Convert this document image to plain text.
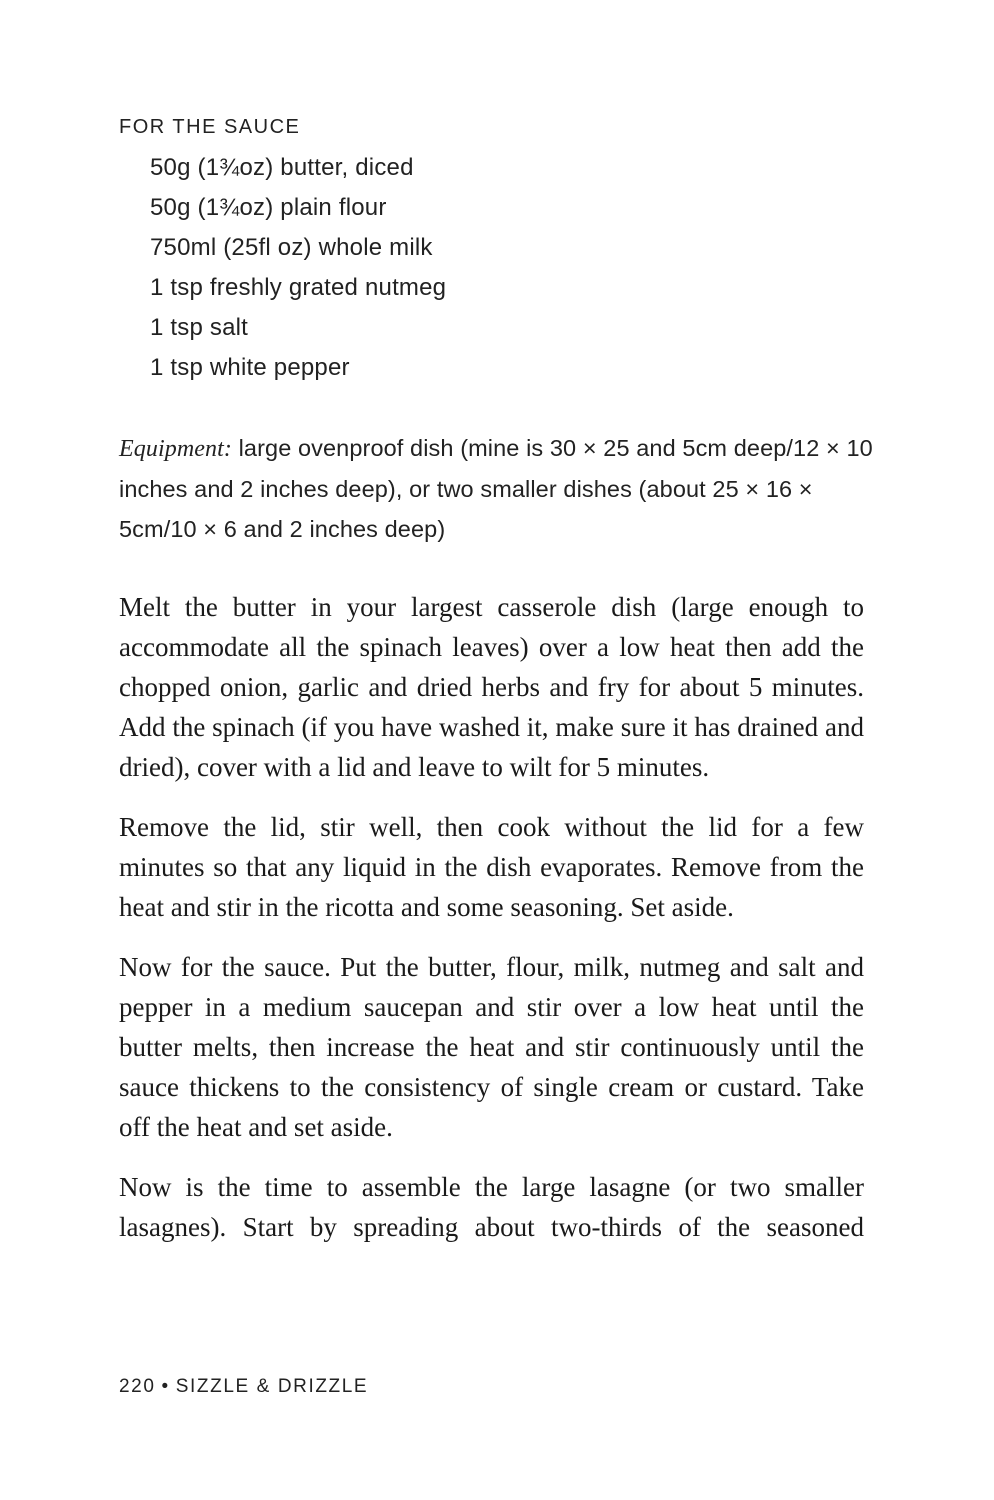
FOR THE SAUCE
50g (1¾oz) butter, diced
50g (1¾oz) plain flour
750ml (25fl oz) whole milk
1 tsp freshly grated nutmeg
1 tsp salt
1 tsp white pepper
Equipment: large ovenproof dish (mine is 30 × 25 and 5cm deep/12 × 10 inches and 2 inches deep), or two smaller dishes (about 25 × 16 × 5cm/10 × 6 and 2 inches deep)

Melt the butter in your largest casserole dish (large enough to accommodate all the spinach leaves) over a low heat then add the chopped onion, garlic and dried herbs and fry for about 5 minutes. Add the spinach (if you have washed it, make sure it has drained and dried), cover with a lid and leave to wilt for 5 minutes.

Remove the lid, stir well, then cook without the lid for a few minutes so that any liquid in the dish evaporates. Remove from the heat and stir in the ricotta and some seasoning. Set aside.

Now for the sauce. Put the butter, flour, milk, nutmeg and salt and pepper in a medium saucepan and stir over a low heat until the butter melts, then increase the heat and stir continuously until the sauce thickens to the consistency of single cream or custard. Take off the heat and set aside.

Now is the time to assemble the large lasagne (or two smaller lasagnes). Start by spreading about two-thirds of the seasoned

220 • SIZZLE & DRIZZLE
